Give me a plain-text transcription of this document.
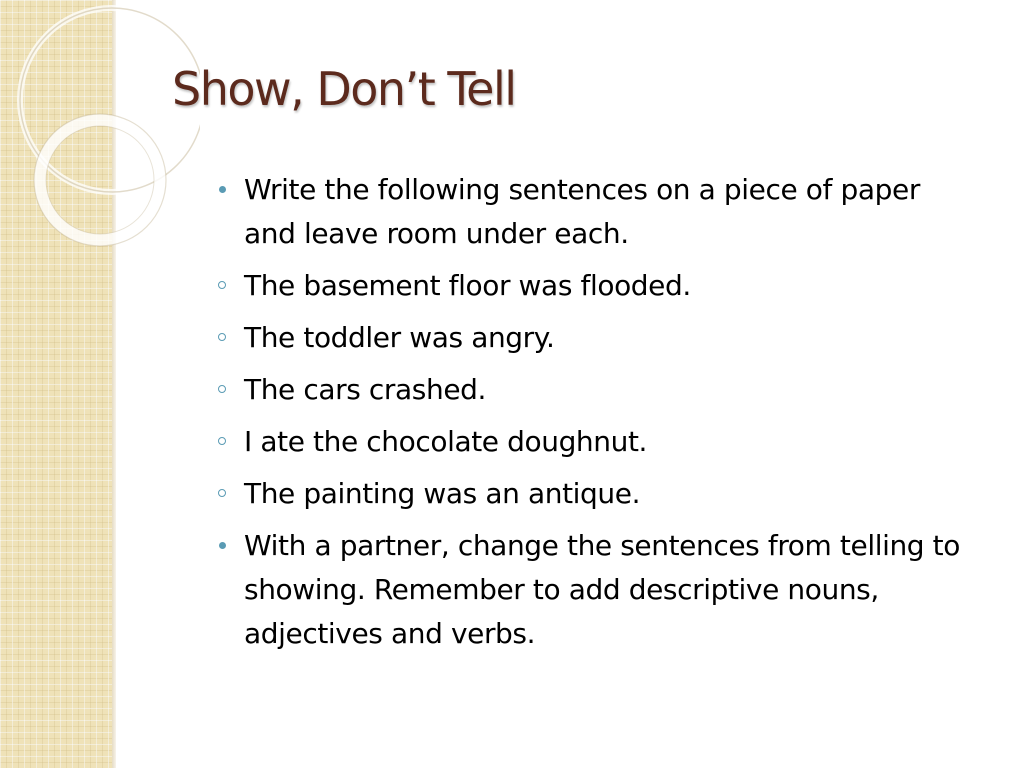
Show, Don’t Tell
Write the following sentences on a piece of paper and leave room under each.
The basement floor was flooded.
The toddler was angry.
The cars crashed.
I ate the chocolate doughnut.
The painting was an antique.
With a partner, change the sentences from telling to showing. Remember to add descriptive nouns, adjectives and verbs.
